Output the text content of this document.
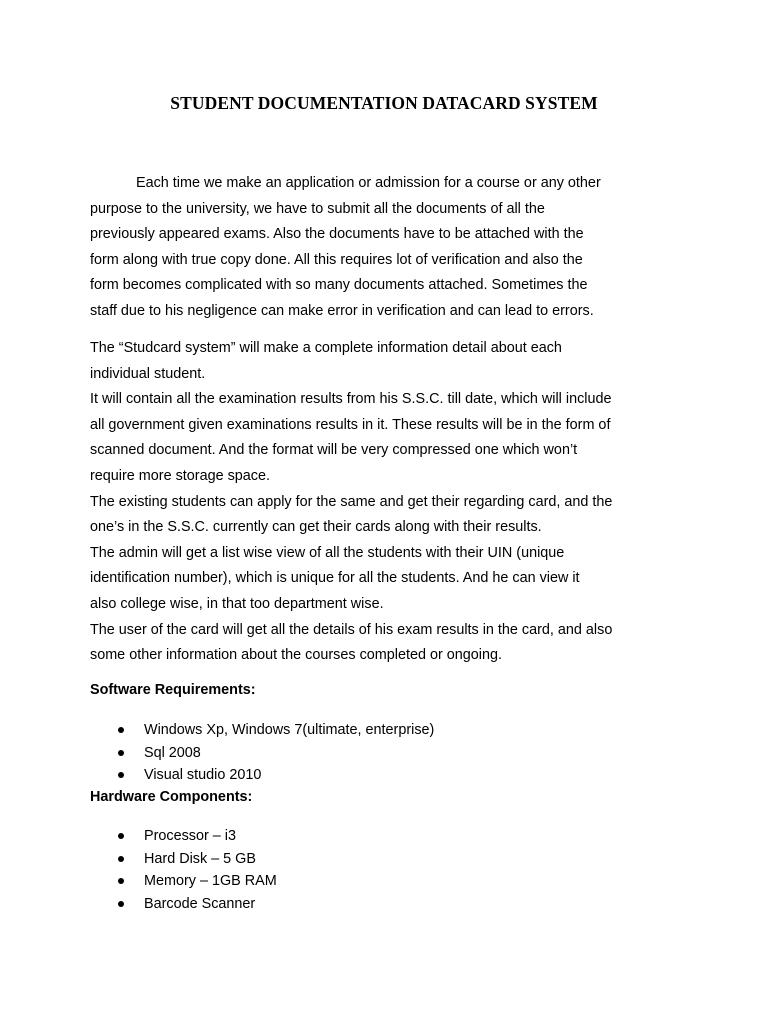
STUDENT DOCUMENTATION DATACARD SYSTEM
Each time we make an application or admission for a course or any other
purpose to the university, we have to submit all the documents of all the
previously appeared exams. Also the documents have to be attached with the
form along with true copy done. All this requires lot of verification and also the
form becomes complicated with so many documents attached. Sometimes the
staff due to his negligence can make error in verification and can lead to errors.
The “Studcard system” will make a complete information detail about each
individual student.
It will contain all the examination results from his S.S.C. till date, which will include
all government given examinations results in it. These results will be in the form of
scanned document. And the format will be very compressed one which won’t
require more storage space.
The existing students can apply for the same and get their regarding card, and the
one’s in the S.S.C. currently can get their cards along with their results.
The admin will get a list wise view of all the students with their UIN (unique
identification number), which is unique for all the students. And he can view it
also college wise, in that too department wise.
The user of the card will get all the details of his exam results in the card, and also
some other information about the courses completed or ongoing.
Software Requirements:
Windows Xp, Windows 7(ultimate, enterprise)
Sql 2008
Visual studio 2010
Hardware Components:
Processor – i3
Hard Disk – 5 GB
Memory – 1GB RAM
Barcode Scanner
